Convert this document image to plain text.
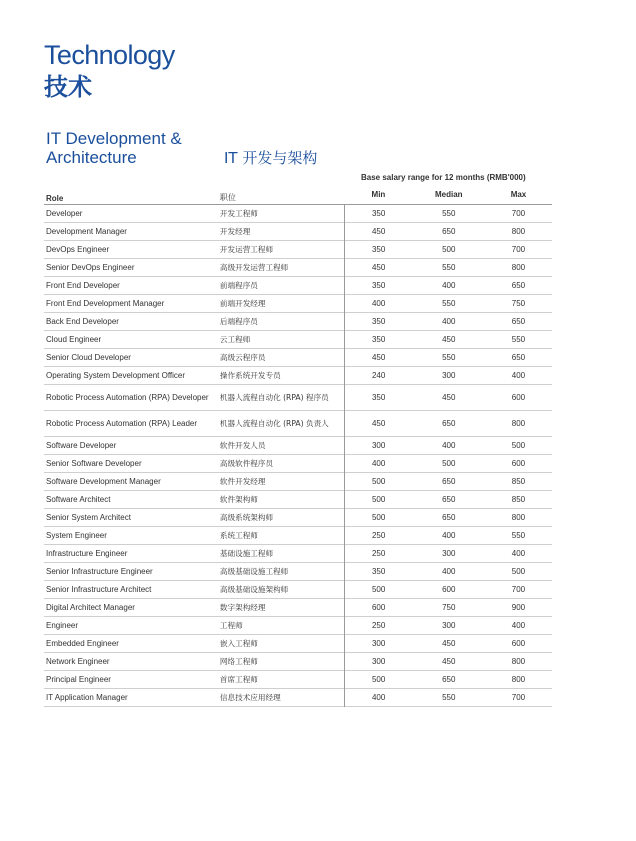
Technology
技术
IT Development & Architecture	IT 开发与架构
Base salary range for 12 months (RMB'000)
Role	职位	Min	Median	Max
Developer	开发工程师	350	550	700
Development Manager	开发经理	450	650	800
DevOps Engineer	开发运营工程师	350	500	700
Senior DevOps Engineer	高级开发运营工程师	450	550	800
Front End Developer	前端程序员	350	400	650
Front End Development Manager	前端开发经理	400	550	750
Back End Developer	后端程序员	350	400	650
Cloud Engineer	云工程师	350	450	550
Senior Cloud Developer	高级云程序员	450	550	650
Operating System Development Officer	操作系统开发专员	240	300	400
Robotic Process Automation (RPA) Developer	机器人流程自动化 (RPA) 程序员	350	450	600
Robotic Process Automation (RPA) Leader	机器人流程自动化 (RPA) 负责人	450	650	800
Software Developer	软件开发人员	300	400	500
Senior Software Developer	高级软件程序员	400	500	600
Software Development Manager	软件开发经理	500	650	850
Software Architect	软件架构师	500	650	850
Senior System Architect	高级系统架构师	500	650	800
System Engineer	系统工程师	250	400	550
Infrastructure Engineer	基础设施工程师	250	300	400
Senior Infrastructure Engineer	高级基础设施工程师	350	400	500
Senior Infrastructure Architect	高级基础设施架构师	500	600	700
Digital Architect Manager	数字架构经理	600	750	900
Engineer	工程师	250	300	400
Embedded Engineer	嵌入工程师	300	450	600
Network Engineer	网络工程师	300	450	800
Principal Engineer	首席工程师	500	650	800
IT Application Manager	信息技术应用经理	400	550	700
